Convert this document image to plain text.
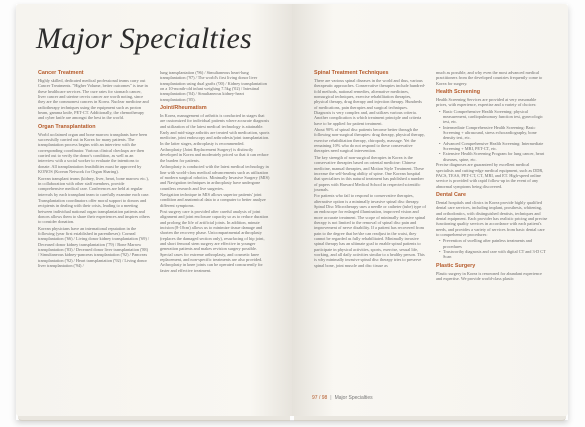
Major Specialties
Cancer Treatment

Highly skilled, dedicated medical professional teams carry out Cancer Treatments. "Higher Volume, better outcomes" is true in these healthcare services. The cure rates for stomach cancer, liver cancer and uterine cervix cancer are worth noting, since they are the commonest cancers in Korea. Nuclear medicine and radiotherapy techniques using the equipment such as proton beam, gamma knife, PET-CT. Additionally, the chemotherapy and cyber knife are amongst the best in the world.

Organ Transplantation

World acclaimed organ and bone marrow transplants have been successfully carried out in Korea for many patients. The transplantation process begins with an interview with the corresponding coordinator. Various clinical checkups are then carried out to verify the donor's condition, as well as an interview with a social worker to evaluate the intentions to donate. All transplantation feasibilities must be approved by KONOS (Korean Network for Organ Sharing).

Korean transplant teams (kidney, liver, heart, bone marrow etc.), in collaboration with other staff members, provide comprehensive medical care. Conferences are held at regular intervals by each transplant team to carefully examine each case.

Transplantation coordinators offer moral support to donors and recipients in dealing with their crisis, leading to a meeting between individual national organ transplantation patients and donors allows them to share their experiences and inspires others to consider donation.

Korean physicians have an international reputation in the following (year first established in parentheses): Corneal transplantation ('66) / Living donor kidney transplantation ('69) / Deceased donor kidney transplantation ('79) / Bone Marrow transplantation ('83) / Deceased donor liver transplantation ('88) / Simultaneous kidney-pancreas transplantation ('92) / Pancreas transplantation ('92) / Heart transplantation ('92) / Living donor liver transplantation ('94) /

lung transplantation ('96) / Simultaneous heart-lung transplantation ('97) / The world's first living donor liver transplantation using dual grafts ('00) / Kidney transplantation on a 10-month-old infant weighing 7.5kg ('02) / Intestinal transplantation ('04) / Simultaneous kidney-heart transplantation ('05).

Joint/Rheumatism

In Korea, management of arthritis is conducted in stages that are customized for individual patients where accurate diagnosis and utilization of the latest medical technology is attainable.

Early and mid-stage arthritis are treated with medication, sports medicine, joint endoscopy and arthrodesis/joint transplantation. In the latter stages, arthroplasty is recommended.

Arthroplasty (Joint Replacement Surgery) is distinctly developed in Korea and moderately priced so that it can reduce the burden for patients.

Arthroplasty is conducted with the latest medical technology in line with world-class medical advancements such as utilization of modern surgical robotics. Minimally Invasive Surgery (MIS) and Navigation techniques in arthroplasty have undergone countless research and live surgeries.

Navigation technique in MIS allows superior patients' joint condition and anatomical data to a computer to better analyze different symptoms.

Post surgery care is provided after careful analysis of joint alignment and joint enclosure capacity so as to reduce duration and prolong the life of artificial joints. In addition, minute incision (8-10cm) allows us to minimize tissue damage and shorten the recovery phase. Unicompartmental arthroplasty (replaces the damaged section only), resurfacing of hip joint, and short femoral stem surgery are effective in younger generation patients and makes revision surgery possible. Special cases for extreme arthroplasty, and cosmetic knee replacement, and non-specific treatments are also provided. Arthroplasty in knee joints can be operated concurrently for faster and effective treatment.

Spinal Treatment Techniques

There are various spinal diseases in the world and thus, various therapeutic approaches. Conservative therapies include hundred-fold methods, national remedies, alternative medicines, nonsurgical techniques, exercise rehabilitation therapies, physical therapy, drug therapy and injection therapy. Hundreds of medications, pain therapies and surgical techniques. Diagnosis is very complex and, and utilizes various criteria. Another complication is which treatment principle and criteria have to be applied for patient treatment.

About 90% of spinal disc patients become better through the following non-surgical therapies: drug therapy, physical therapy, exercise rehabilitation therapy, chiropody, massage. Yet the remaining 10% who do not respond to these conservative therapies need surgical intervention.

The key strength of non-surgical therapies in Korea is the conservative therapies based on oriental medicine: Chinese medicine, manual therapies, and Motion Style Treatment. These increase the self-healing ability of spine. One Korean hospital that specializes in this natural treatment has published a number of papers with Harvard Medical School in respected scientific journals.

For patients who fail to respond to conservative therapies, alternative option is a minimally invasive spinal disc therapy. Spinal Disc Microtherapy uses a needle or catheter (tube) type of an endoscope for enlarged illumination, improved vision and more accurate treatment. The scope of minimally invasive spinal therapy is not limited to the removal of spinal disc pain and improvement of nerve disability. If a patient has recovered from pain to the degree that he/she can readjust in the waist, they cannot be regarded as fully rehabilitated. Minimally invasive spinal therapy has an ultimate goal to enable spinal patients to participate in physical activities, sports, exercise, sexual life, working, and all daily activities similar to a healthy person. This is why minimally invasive spinal disc therapy tries to preserve spinal bone, joint muscle and disc tissue as

much as possible, and why even the most advanced medical practitioners from the developed countries frequently come to Korea for surgery.

Health Screening

Health Screening Services are provided at very reasonable prices, with experience, expertise and a variety of choices:

• Basic Comprehensive Health Screening: physical measurement, cardiopulmonary function test, gynecologic test, etc.
• Intermediate Comprehensive Health Screening: Basic Screening + ultrasound, stress echocardiography, bone density test, etc.
• Advanced Comprehensive Health Screening: Intermediate Screening + MRI, PET-CT, etc.
• Extensive Health Screening Program for lung cancer, heart diseases, spine, etc.

Precise diagnoses are guaranteed by excellent medical specialists and cutting-edge medical equipment, such as DDR, PACS, TEAS, PET-CT, CT, MRI, and ET. High-speed online service is provided with rapid follow-up in the event of any abnormal symptoms being discovered.

Dental Care

Dental hospitals and clinics in Korea provide highly qualified dental care services, including implant, prosthesis, whitening, and orthodontics, with distinguished dentists, techniques and dental equipment. Each provider has realistic pricing and precise functioning quality services in accordance with each patient's needs, and provides a variety of services from basic dental care to comprehensive procedures:

• Prevention of swelling after painless treatments and procedures
• Trustworthy diagnosis and care with digital CT and 3-D CT Scan
Plastic Surgery

Plastic surgery in Korea is renowned for abundant experience and expertise. We provide world-class plastic

97 / 98 | Major Specialties
